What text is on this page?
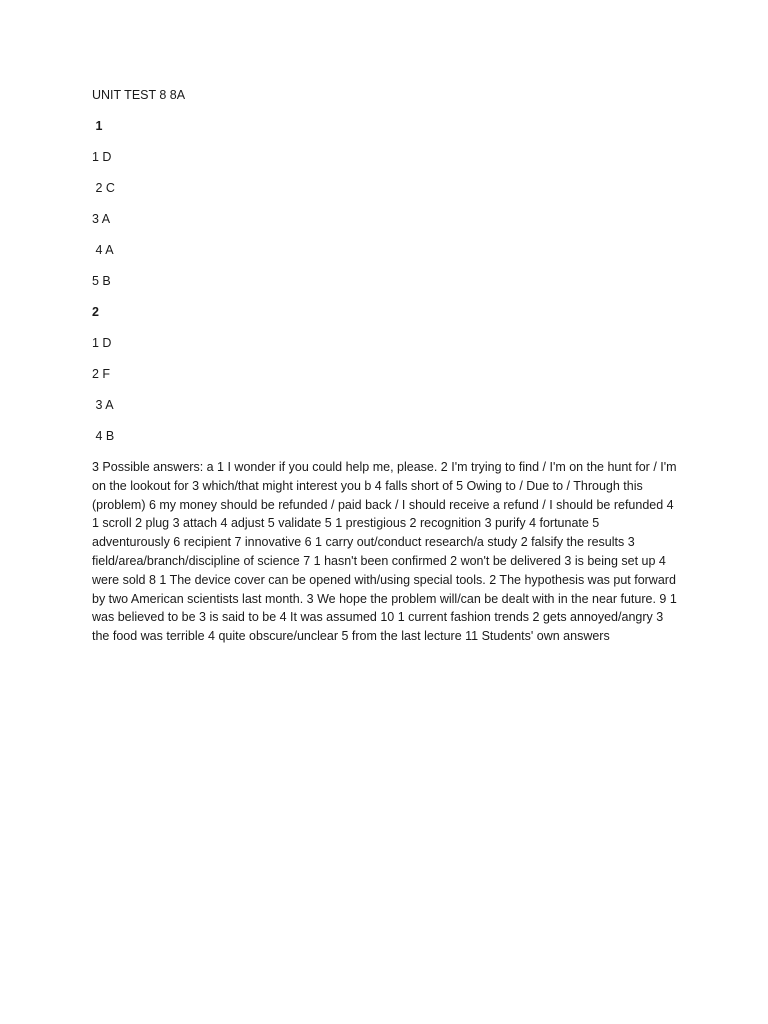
UNIT TEST 8 8A
1
1 D
2 C
3 A
4 A
5 B
2
1 D
2 F
3 A
4 B

3 Possible answers: a 1 I wonder if you could help me, please. 2 I'm trying to find / I'm on the hunt for / I'm on the lookout for 3 which/that might interest you b 4 falls short of 5 Owing to / Due to / Through this (problem) 6 my money should be refunded / paid back / I should receive a refund / I should be refunded 4 1 scroll 2 plug 3 attach 4 adjust 5 validate 5 1 prestigious 2 recognition 3 purify 4 fortunate 5 adventurously 6 recipient 7 innovative 6 1 carry out/conduct research/a study 2 falsify the results 3 field/area/branch/discipline of science 7 1 hasn't been confirmed 2 won't be delivered 3 is being set up 4 were sold 8 1 The device cover can be opened with/using special tools. 2 The hypothesis was put forward by two American scientists last month. 3 We hope the problem will/can be dealt with in the near future. 9 1 was believed to be 3 is said to be 4 It was assumed 10 1 current fashion trends 2 gets annoyed/angry 3 the food was terrible 4 quite obscure/unclear 5 from the last lecture 11 Students' own answers
